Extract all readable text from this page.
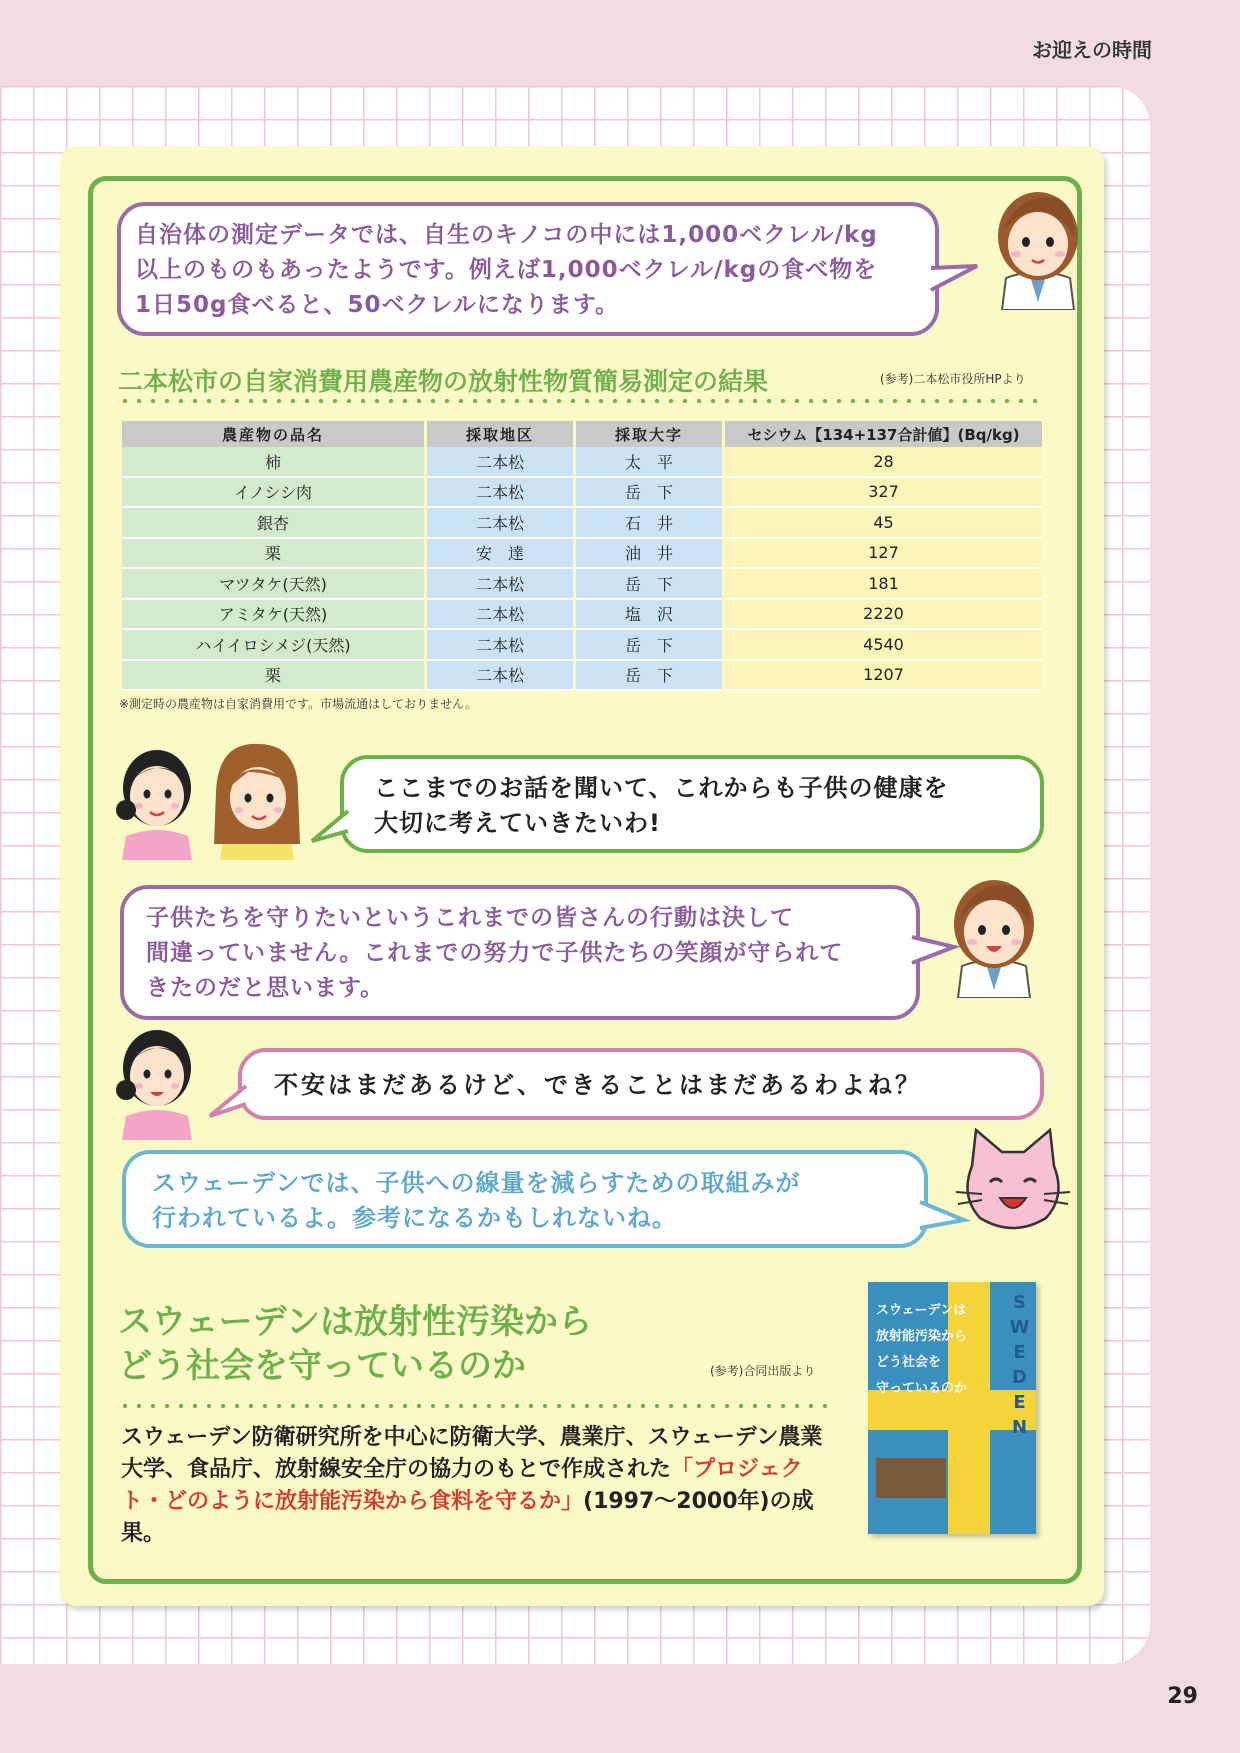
お迎えの時間
自治体の測定データでは、自生のキノコの中には1,000ベクレル/kg
以上のものもあったようです。例えば1,000ベクレル/kgの食べ物を
1日50g食べると、50ベクレルになります。
二本松市の自家消費用農産物の放射性物質簡易測定の結果	(参考)二本松市役所HPより
農産物の品名	採取地区	採取大字	セシウム【134+137合計値】(Bq/kg)
柿	二本松	太　平	28
イノシシ肉	二本松	岳　下	327
銀杏	二本松	石　井	45
栗	安　達	油　井	127
マツタケ(天然)	二本松	岳　下	181
アミタケ(天然)	二本松	塩　沢	2220
ハイイロシメジ(天然)	二本松	岳　下	4540
栗	二本松	岳　下	1207
※測定時の農産物は自家消費用です。市場流通はしておりません。
ここまでのお話を聞いて、これからも子供の健康を
大切に考えていきたいわ!
子供たちを守りたいというこれまでの皆さんの行動は決して
間違っていません。これまでの努力で子供たちの笑顔が守られて
きたのだと思います。
不安はまだあるけど、できることはまだあるわよね？
スウェーデンでは、子供への線量を減らすための取組みが
行われているよ。参考になるかもしれないね。
スウェーデンは放射性汚染から
どう社会を守っているのか	(参考)合同出版より
スウェーデン防衛研究所を中心に防衛大学、農業庁、スウェーデン農業大学、食品庁、放射線安全庁の協力のもとで作成された「プロジェクト・どのように放射能汚染から食料を守るか」(1997〜2000年)の成果。
スウェーデンは
放射能汚染から
どう社会を
守っているのか SWEDEN
29
